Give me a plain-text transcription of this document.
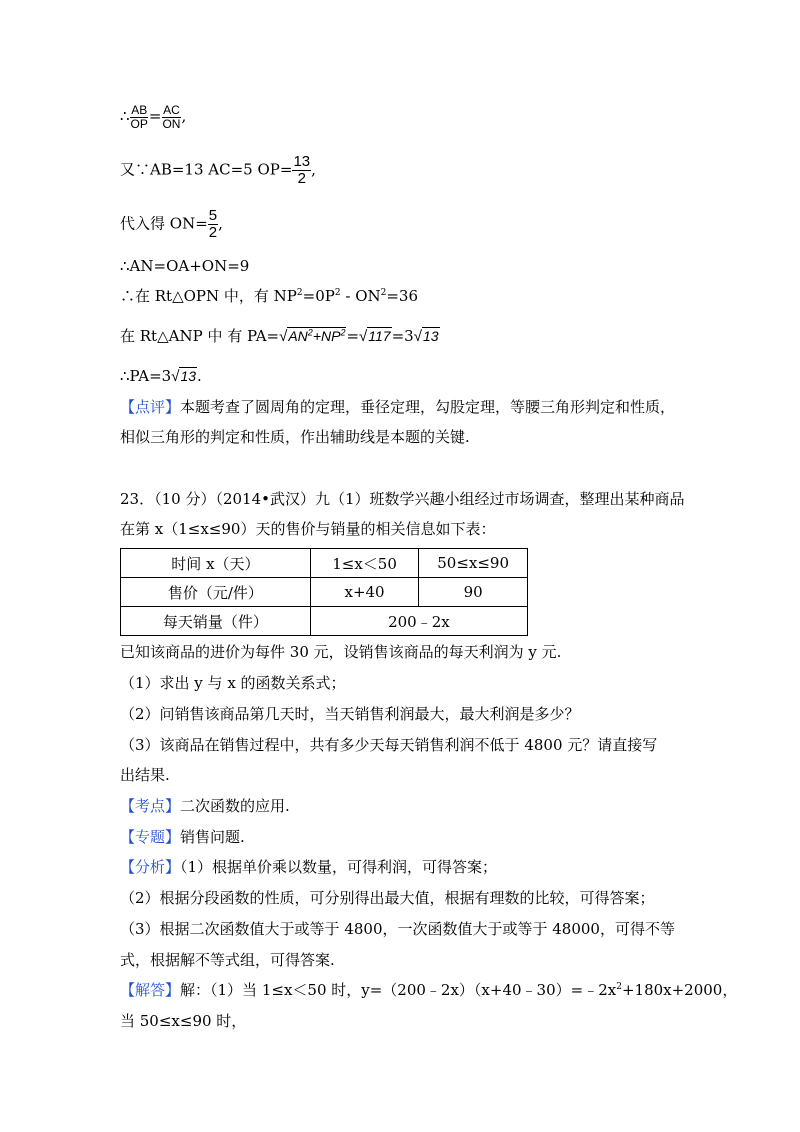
∴ $\frac{AB}{OP} = \frac{AC}{ON}$ ,
又∵AB=13 AC=5 $OP= \frac{13}{2}$ ,
代入得 $ON= \frac{5}{2}$ ,
∴AN=OA+ON=9
∴在 Rt△OPN 中，有 $NP^2=0P^2 - ON^2=36$
在 Rt△ANP 中 有 $PA=√AN^2+NP^2=√117=3√13$
∴PA=3√13.
【点评】本题考查了圆周角的定理，垂径定理，勾股定理，等腰三角形判定和性质，
相似三角形的判定和性质，作出辅助线是本题的关键.
23．（10 分）（2014•武汉）九（1）班数学兴趣小组经过市场调查，整理出某种商品
在第 x（1≤x≤90）天的售价与销量的相关信息如下表：
时间 x（天）	1≤x＜50	50≤x≤90
售价（元/件）	x+40	90
每天销量（件）	200﹣2x	
已知该商品的进价为每件 30 元，设销售该商品的每天利润为 y 元.
（1）求出 y 与 x 的函数关系式；
（2）问销售该商品第几天时，当天销售利润最大，最大利润是多少？
（3）该商品在销售过程中，共有多少天每天销售利润不低于 4800 元？请直接写
出结果.
【考点】二次函数的应用.
【专题】销售问题.
【分析】（1）根据单价乘以数量，可得利润，可得答案；
（2）根据分段函数的性质，可分别得出最大值，根据有理数的比较，可得答案；
（3）根据二次函数值大于或等于 4800，一次函数值大于或等于 48000，可得不等
式，根据解不等式组，可得答案.
【解答】解：（1）当 1≤x＜50 时，$y=(200﹣2x)(x+40﹣30)=﹣2x^2+180x+2000$，
当 50≤x≤90 时，
